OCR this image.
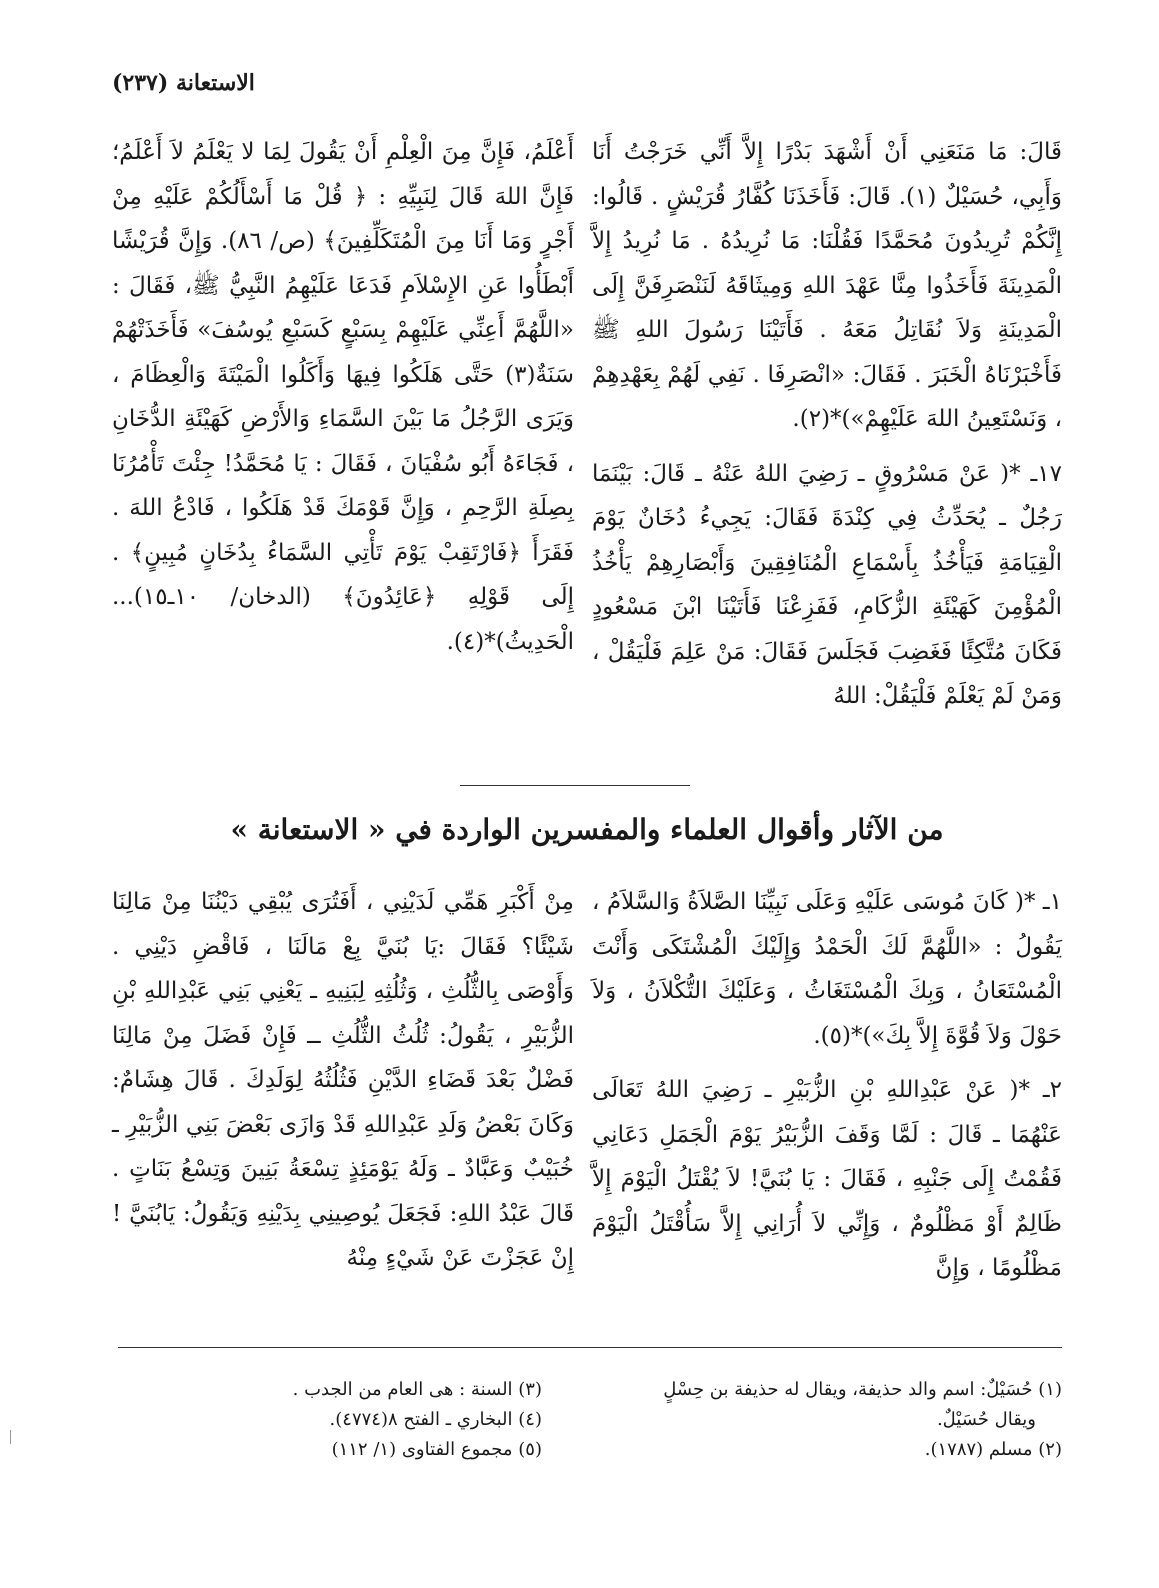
الاستعانة (٢٣٧)

قَالَ: مَا مَنَعَنِي أَنْ أَشْهَدَ بَدْرًا إِلاَّ أَنِّي خَرَجْتُ أَنَا وَأَبِي، حُسَيْلٌ (١). قَالَ: فَأَخَذَنَا كُفَّارُ قُرَيْشٍ . قَالُوا: إِنَّكُمْ تُرِيدُونَ مُحَمَّدًا فَقُلْنَا: مَا نُرِيدُهُ . مَا نُرِيدُ إِلاَّ الْمَدِينَةَ فَأَخَذُوا مِنَّا عَهْدَ اللهِ وَمِيثَاقَهُ لَنَنْصَرِفَنَّ إِلَى الْمَدِينَةِ وَلاَ نُقَاتِلُ مَعَهُ . فَأَتَيْنَا رَسُولَ اللهِ ﷺ فَأَخْبَرْنَاهُ الْخَبَرَ . فَقَالَ: «انْصَرِفَا . نَفِي لَهُمْ بِعَهْدِهِمْ ، وَنَسْتَعِينُ اللهَ عَلَيْهِمْ»)*(٢).

١٧ـ *( عَنْ مَسْرُوقٍ ـ رَضِيَ اللهُ عَنْهُ ـ قَالَ: بَيْنَمَا رَجُلٌ ـ يُحَدِّثُ فِي كِنْدَةَ فَقَالَ: يَجِيءُ دُخَانٌ يَوْمَ الْقِيَامَةِ فَيَأْخُذُ بِأَسْمَاعِ الْمُنَافِقِينَ وَأَبْصَارِهِمْ يَأْخُذُ الْمُؤْمِنَ كَهَيْئَةِ الزُّكَامِ، فَفَزِعْنَا فَأَتَيْنَا ابْنَ مَسْعُودٍ فَكَانَ مُتَّكِئًا فَغَضِبَ فَجَلَسَ فَقَالَ: مَنْ عَلِمَ فَلْيَقُلْ ، وَمَنْ لَمْ يَعْلَمْ فَلْيَقُلْ: اللهُ

أَعْلَمُ، فَإِنَّ مِنَ الْعِلْمِ أَنْ يَقُولَ لِمَا لا يَعْلَمُ لاَ أَعْلَمُ؛ فَإِنَّ اللهَ قَالَ لِنَبِيِّهِ : ﴿ قُلْ مَا أَسْأَلُكُمْ عَلَيْهِ مِنْ أَجْرٍ وَمَا أَنَا مِنَ الْمُتَكَلِّفِينَ﴾ (ص/ ٨٦). وَإِنَّ قُرَيْشًا أَبْطَأُوا عَنِ الإِسْلاَمِ فَدَعَا عَلَيْهِمُ النَّبِيُّ ﷺ، فَقَالَ : «اللَّهُمَّ أَعِنِّي عَلَيْهِمْ بِسَبْعٍ كَسَبْعِ يُوسُفَ» فَأَخَذَتْهُمْ سَنَةٌ(٣) حَتَّى هَلَكُوا فِيهَا وَأَكَلُوا الْمَيْتَةَ وَالْعِظَامَ ، وَيَرَى الرَّجُلُ مَا بَيْنَ السَّمَاءِ وَالأَرْضِ كَهَيْئَةِ الدُّخَانِ ، فَجَاءَهُ أَبُو سُفْيَانَ ، فَقَالَ : يَا مُحَمَّدُ! جِئْتَ تَأْمُرُنَا بِصِلَةِ الرَّحِمِ ، وَإِنَّ قَوْمَكَ قَدْ هَلَكُوا ، فَادْعُ اللهَ . فَقَرَأَ ﴿فَارْتَقِبْ يَوْمَ تَأْتِي السَّمَاءُ بِدُخَانٍ مُبِينٍ﴾ . إِلَى قَوْلِهِ ﴿عَائِدُونَ﴾ (الدخان/ ١٠ـ١٥)... الْحَدِيثُ)*(٤).

من الآثار وأقوال العلماء والمفسرين الواردة في « الاستعانة »

١ـ *( كَانَ مُوسَى عَلَيْهِ وَعَلَى نَبِيِّنَا الصَّلاَةُ وَالسَّلاَمُ ، يَقُولُ : «اللَّهُمَّ لَكَ الْحَمْدُ وَإِلَيْكَ الْمُشْتَكَى وَأَنْتَ الْمُسْتَعَانُ ، وَبِكَ الْمُسْتَغَاثُ ، وَعَلَيْكَ التُّكْلاَنُ ، وَلاَ حَوْلَ وَلاَ قُوَّةَ إِلاَّ بِكَ»)*(٥).

٢ـ *( عَنْ عَبْدِاللهِ بْنِ الزُّبَيْرِ ـ رَضِيَ اللهُ تَعَالَى عَنْهُمَا ـ قَالَ : لَمَّا وَقَفَ الزُّبَيْرُ يَوْمَ الْجَمَلِ دَعَانِي فَقُمْتُ إِلَى جَنْبِهِ ، فَقَالَ : يَا بُنَيَّ! لاَ يُقْتَلُ الْيَوْمَ إِلاَّ ظَالِمٌ أَوْ مَظْلُومٌ ، وَإِنِّي لاَ أُرَانِي إِلاَّ سَأُقْتَلُ الْيَوْمَ مَظْلُومًا ، وَإِنَّ

مِنْ أَكْبَرِ هَمِّي لَدَيْنِي ، أَفَتُرَى يُبْقِي دَيْنُنَا مِنْ مَالِنَا شَيْئًا؟ فَقَالَ :يَا بُنَيَّ بِعْ مَالَنَا ، فَاقْضِ دَيْنِي . وَأَوْصَى بِالثُّلُثِ ، وَثُلُثِهِ لِبَنِيهِ ـ يَعْنِي بَنِي عَبْدِاللهِ بْنِ الزُّبَيْرِ ، يَقُولُ: ثُلُثُ الثُّلُثِ ــ فَإِنْ فَضَلَ مِنْ مَالِنَا فَضْلٌ بَعْدَ قَضَاءِ الدَّيْنِ فَثُلُثُهُ لِوَلَدِكَ . قَالَ هِشَامٌ: وَكَانَ بَعْضُ وَلَدِ عَبْدِاللهِ قَدْ وَازَى بَعْضَ بَنِي الزُّبَيْرِ ـ خُبَيْبٌ وَعَبَّادٌ ـ وَلَهُ يَوْمَئِذٍ تِسْعَةُ بَنِينَ وَتِسْعُ بَنَاتٍ . قَالَ عَبْدُ اللهِ: فَجَعَلَ يُوصِينِي بِدَيْنِهِ وَيَقُولُ: يَابُنَيَّ !إِنْ عَجَزْتَ عَنْ شَيْءٍ مِنْهُ

(١) حُسَيْلٌ: اسم والد حذيفة، ويقال له حذيفة بن حِسْلٍ
ويقال حُسَيْلٌ.
(٢) مسلم (١٧٨٧).
(٣) السنة : هى العام من الجدب .
(٤) البخاري ـ الفتح ٨(٤٧٧٤).
(٥) مجموع الفتاوى (١/ ١١٢)
